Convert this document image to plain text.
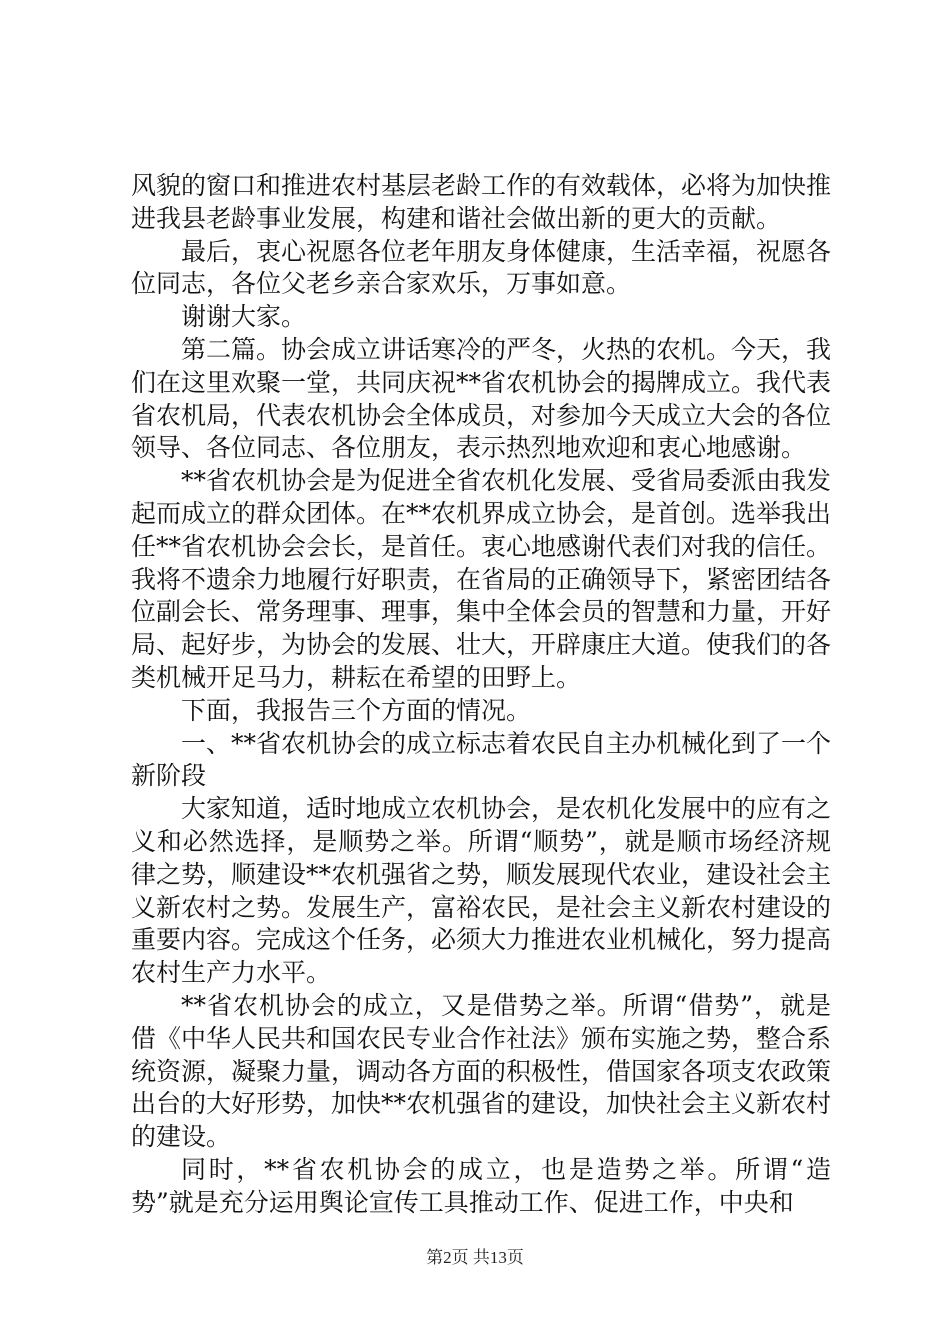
风貌的窗口和推进农村基层老龄工作的有效载体，必将为加快推进我县老龄事业发展，构建和谐社会做出新的更大的贡献。

最后，衷心祝愿各位老年朋友身体健康，生活幸福，祝愿各位同志，各位父老乡亲合家欢乐，万事如意。

谢谢大家。

第二篇。协会成立讲话寒冷的严冬，火热的农机。今天，我们在这里欢聚一堂，共同庆祝**省农机协会的揭牌成立。我代表省农机局，代表农机协会全体成员，对参加今天成立大会的各位领导、各位同志、各位朋友，表示热烈地欢迎和衷心地感谢。

**省农机协会是为促进全省农机化发展、受省局委派由我发起而成立的群众团体。在**农机界成立协会，是首创。选举我出任**省农机协会会长，是首任。衷心地感谢代表们对我的信任。我将不遗余力地履行好职责，在省局的正确领导下，紧密团结各位副会长、常务理事、理事，集中全体会员的智慧和力量，开好局、起好步，为协会的发展、壮大，开辟康庄大道。使我们的各类机械开足马力，耕耘在希望的田野上。

下面，我报告三个方面的情况。

一、**省农机协会的成立标志着农民自主办机械化到了一个新阶段

大家知道，适时地成立农机协会，是农机化发展中的应有之义和必然选择，是顺势之举。所谓“顺势”，就是顺市场经济规律之势，顺建设**农机强省之势，顺发展现代农业，建设社会主义新农村之势。发展生产，富裕农民，是社会主义新农村建设的重要内容。完成这个任务，必须大力推进农业机械化，努力提高农村生产力水平。

**省农机协会的成立，又是借势之举。所谓“借势”，就是借《中华人民共和国农民专业合作社法》颁布实施之势，整合系统资源，凝聚力量，调动各方面的积极性，借国家各项支农政策出台的大好形势，加快**农机强省的建设，加快社会主义新农村的建设。

同时，**省农机协会的成立，也是造势之举。所谓“造势”就是充分运用舆论宣传工具推动工作、促进工作，中央和

第2页 共13页
